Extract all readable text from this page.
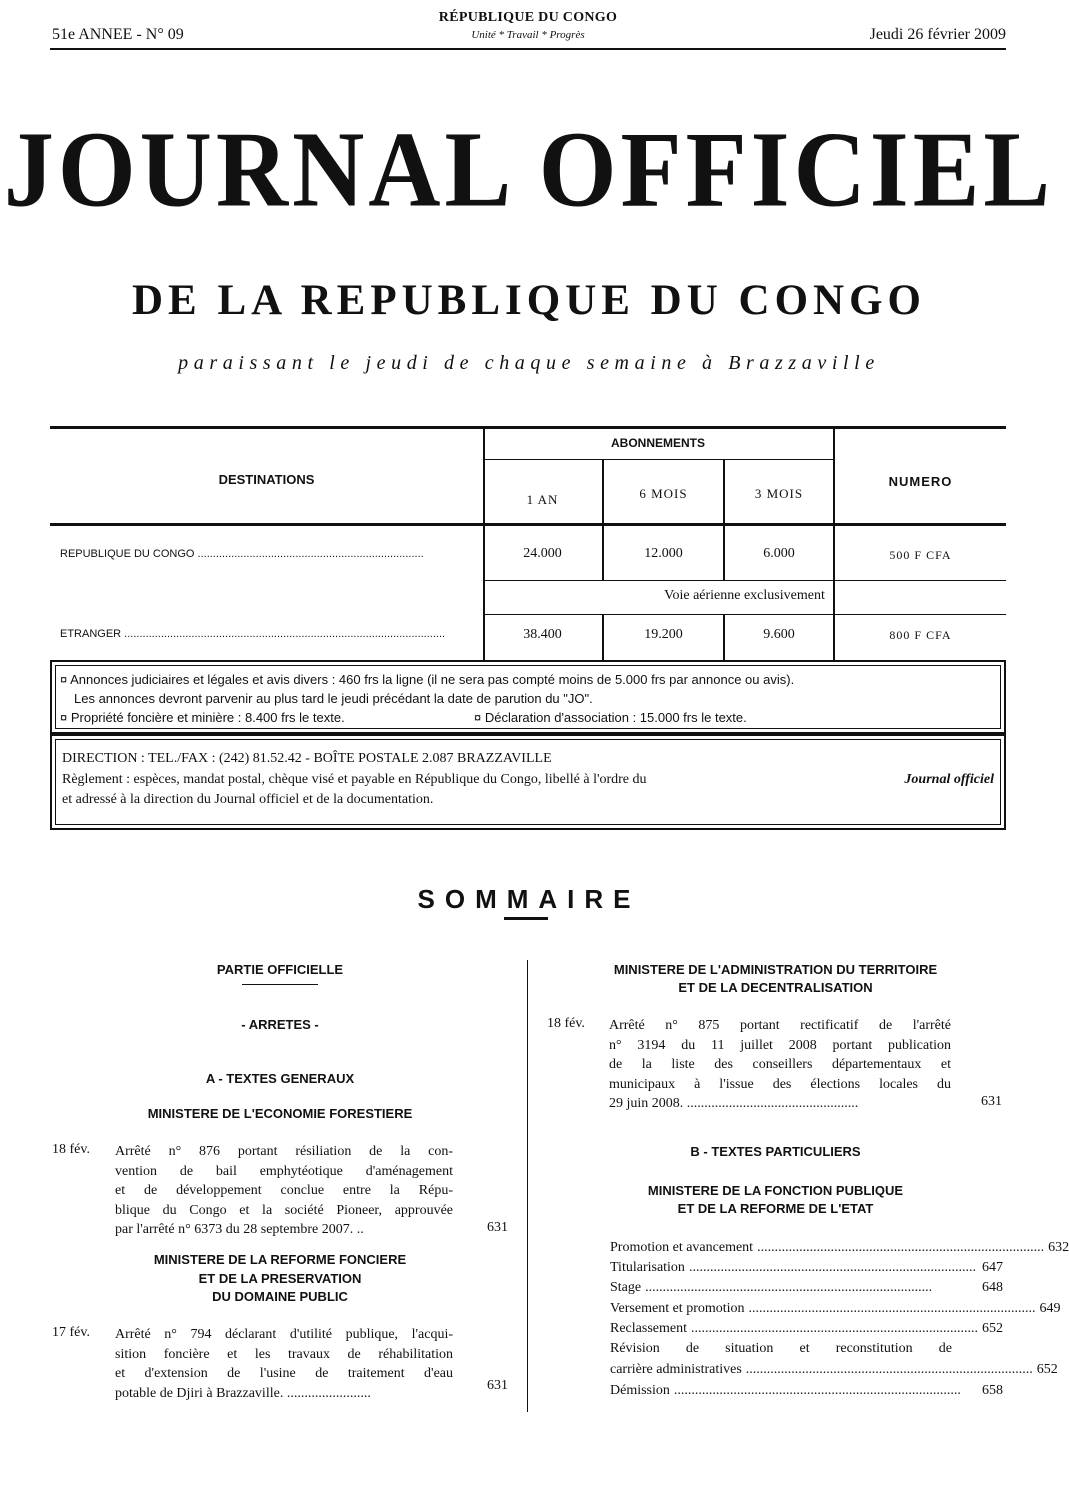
51e ANNEE - N° 09
RÉPUBLIQUE DU CONGO
Unité * Travail * Progrès	Jeudi 26 février 2009
JOURNAL OFFICIEL
DE LA REPUBLIQUE DU CONGO
paraissant le jeudi de chaque semaine à Brazzaville
DESTINATIONS
ABONNEMENTS
NUMERO
1 AN	6 MOIS	3 MOIS
REPUBLIQUE DU CONGO ..........................................................................	24.000	12.000	6.000	500 F CFA
Voie aérienne exclusivement
ETRANGER .........................................................................................................	38.400	19.200	9.600	800 F CFA
¤ Annonces judiciaires et légales et avis divers : 460 frs la ligne (il ne sera pas compté moins de 5.000 frs par annonce ou avis).
Les annonces devront parvenir au plus tard le jeudi précédant la date de parution du "JO".
¤ Propriété foncière et minière : 8.400 frs le texte.	¤ Déclaration d'association : 15.000 frs le texte.
DIRECTION : TEL./FAX : (242) 81.52.42 - BOÎTE POSTALE 2.087 BRAZZAVILLE
Règlement : espèces, mandat postal, chèque visé et payable en République du Congo, libellé à l'ordre du	Journal officiel
et adressé à la direction du Journal officiel et de la documentation.
SOMMAIRE
PARTIE OFFICIELLE
- ARRETES -
A - TEXTES GENERAUX
MINISTERE DE L'ECONOMIE FORESTIERE
18 fév. Arrêté n° 876 portant résiliation de la con-
vention de bail emphytéotique d'aménagement
et de développement conclue entre la Répu-
blique du Congo et la société Pioneer, approuvée
par l'arrêté n° 6373 du 28 septembre 2007. ..	631
MINISTERE DE LA REFORME FONCIERE
ET DE LA PRESERVATION
DU DOMAINE PUBLIC
17 fév. Arrêté n° 794 déclarant d'utilité publique, l'acqui-
sition foncière et les travaux de réhabilitation
et d'extension de l'usine de traitement d'eau
potable de Djiri à Brazzaville. ........................
631
MINISTERE DE L'ADMINISTRATION DU TERRITOIRE
ET DE LA DECENTRALISATION
18 fév. Arrêté n° 875 portant rectificatif de l'arrêté
n° 3194 du 11 juillet 2008 portant publication
de la liste des conseillers départementaux et
municipaux à l'issue des élections locales du
29 juin 2008. .................................................	631
B - TEXTES PARTICULIERS
MINISTERE DE LA FONCTION PUBLIQUE
ET DE LA REFORME DE L'ETAT
Promotion et avancement .................................................................................. 632
Titularisation .................................................................................. 647
Stage ..................................................................................	648
Versement et promotion .................................................................................. 649
Reclassement .................................................................................. 652
Révision de situation et reconstitution de
carrière administratives .................................................................................. 652
Démission ..................................................................................	658
